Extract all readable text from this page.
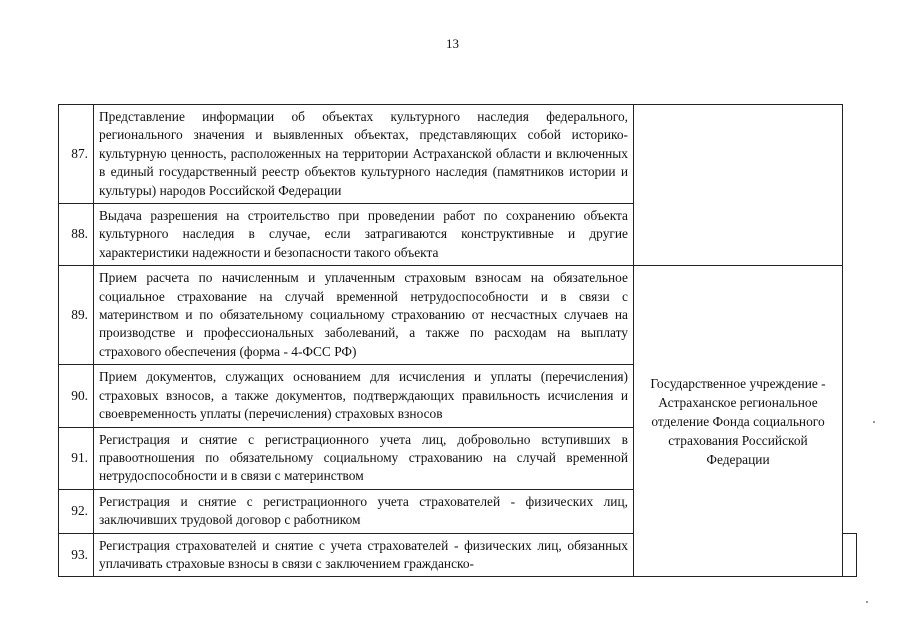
13
87.	Представление информации об объектах культурного наследия федерального, регионального значения и выявленных объектах, представляющих собой историко-культурную ценность, расположенных на территории Астраханской области и включенных в единый государственный реестр объектов культурного наследия (памятников истории и культуры) народов Российской Федерации		
88.	Выдача разрешения на строительство при проведении работ по сохранению объекта культурного наследия в случае, если затрагиваются конструктивные и другие характеристики надежности и безопасности такого объекта		
89.	Прием расчета по начисленным и уплаченным страховым взносам на обязательное социальное страхование на случай временной нетрудоспособности и в связи с материнством и по обязательному социальному страхованию от несчастных случаев на производстве и профессиональных заболеваний, а также по расходам на выплату страхового обеспечения (форма - 4-ФСС РФ)	Государственное учреждение - Астраханское региональное отделение Фонда социального страхования Российской Федерации	
90.	Прием документов, служащих основанием для исчисления и уплаты (перечисления) страховых взносов, а также документов, подтверждающих правильность исчисления и своевременность уплаты (перечисления) страховых взносов		
91.	Регистрация и снятие с регистрационного учета лиц, добровольно вступивших в правоотношения по обязательному социальному страхованию на случай временной нетрудоспособности и в связи с материнством		
92.	Регистрация и снятие с регистрационного учета страхователей - физических лиц, заключивших трудовой договор с работником		
93.	Регистрация страхователей и снятие с учета страхователей - физических лиц, обязанных уплачивать страховые взносы в связи с заключением гражданско-		
